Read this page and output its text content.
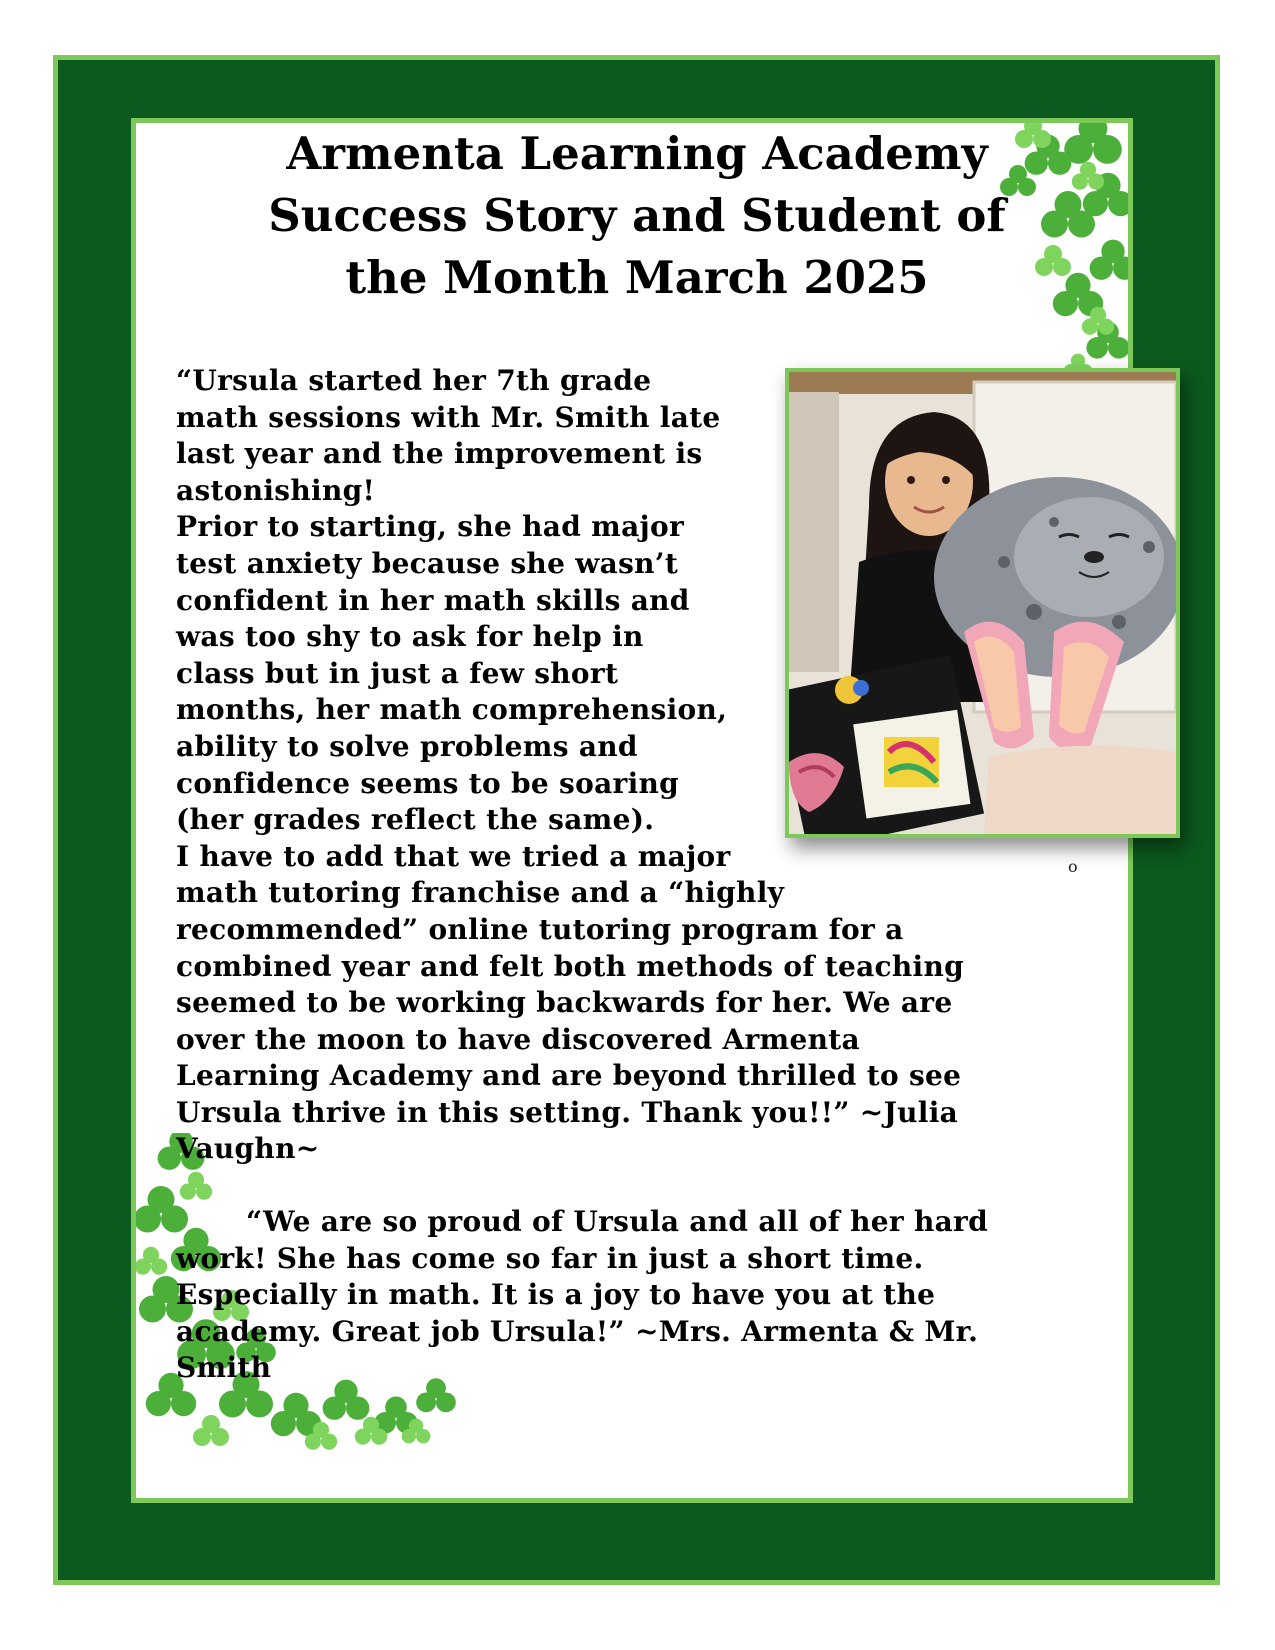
Armenta Learning Academy
Success Story and Student of
the Month March 2025
“Ursula started her 7th grade
math sessions with Mr. Smith late
last year and the improvement is
astonishing!
Prior to starting, she had major
test anxiety because she wasn’t
confident in her math skills and
was too shy to ask for help in
class but in just a few short
months, her math comprehension,
ability to solve problems and
confidence seems to be soaring
(her grades reflect the same).
I have to add that we tried a major
math tutoring franchise and a “highly
recommended” online tutoring program for a
combined year and felt both methods of teaching
seemed to be working backwards for her. We are
over the moon to have discovered Armenta
Learning Academy and are beyond thrilled to see
Ursula thrive in this setting. Thank you!!” ~Julia
Vaughn~
“We are so proud of Ursula and all of her hard
work! She has come so far in just a short time.
Especially in math. It is a joy to have you at the
academy. Great job Ursula!” ~Mrs. Armenta & Mr.
Smith
o
